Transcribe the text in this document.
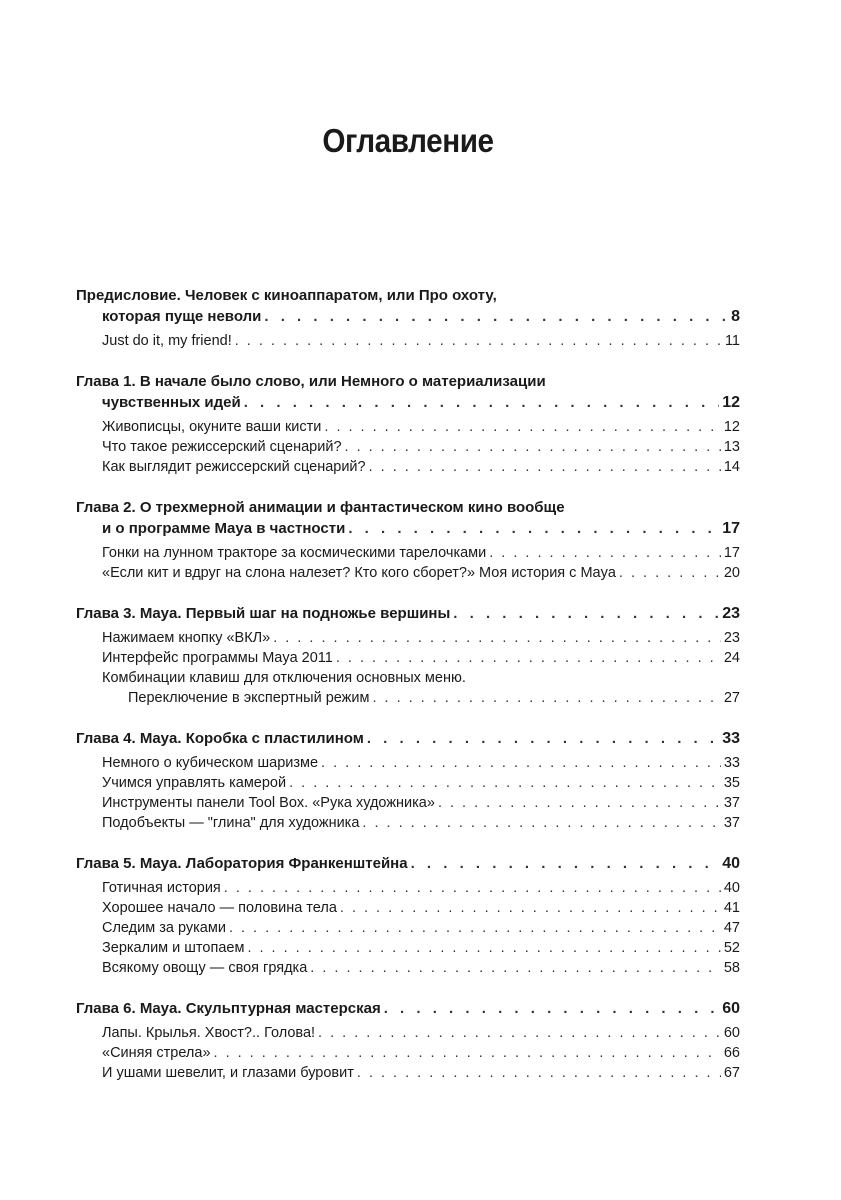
Оглавление
Предисловие. Человек с киноаппаратом, или Про охоту,
которая пуще неволи . . .	8
Just do it, my friend! . . .	11
Глава 1. В начале было слово, или Немного о материализации
чувственных идей . . .	12
Живописцы, окуните ваши кисти . . .	12
Что такое режиссерский сценарий? . . .	13
Как выглядит режиссерский сценарий? . . .	14
Глава 2. О трехмерной анимации и фантастическом кино вообще
и о программе Maya в частности . . .	17
Гонки на лунном тракторе за космическими тарелочками . . .	17
«Если кит и вдруг на слона налезет? Кто кого сборет?» Моя история с Maya . . .	20
Глава 3. Maya. Первый шаг на подножье вершины . . .	23
Нажимаем кнопку «ВКЛ» . . .	23
Интерфейс программы Maya 2011 . . .	24
Комбинации клавиш для отключения основных меню.
Переключение в экспертный режим . . .	27
Глава 4. Maya. Коробка с пластилином . . .	33
Немного о кубическом шаризме . . .	33
Учимся управлять камерой . . .	35
Инструменты панели Tool Box. «Рука художника» . . .	37
Подобъекты — "глина" для художника . . .	37
Глава 5. Maya. Лаборатория Франкенштейна . . .	40
Готичная история . . .	40
Хорошее начало — половина тела . . .	41
Следим за руками . . .	47
Зеркалим и штопаем . . .	52
Всякому овощу — своя грядка . . .	58
Глава 6. Maya. Скульптурная мастерская . . .	60
Лапы. Крылья. Хвост?.. Голова! . . .	60
«Синяя стрела» . . .	66
И ушами шевелит, и глазами буровит . . .	67
